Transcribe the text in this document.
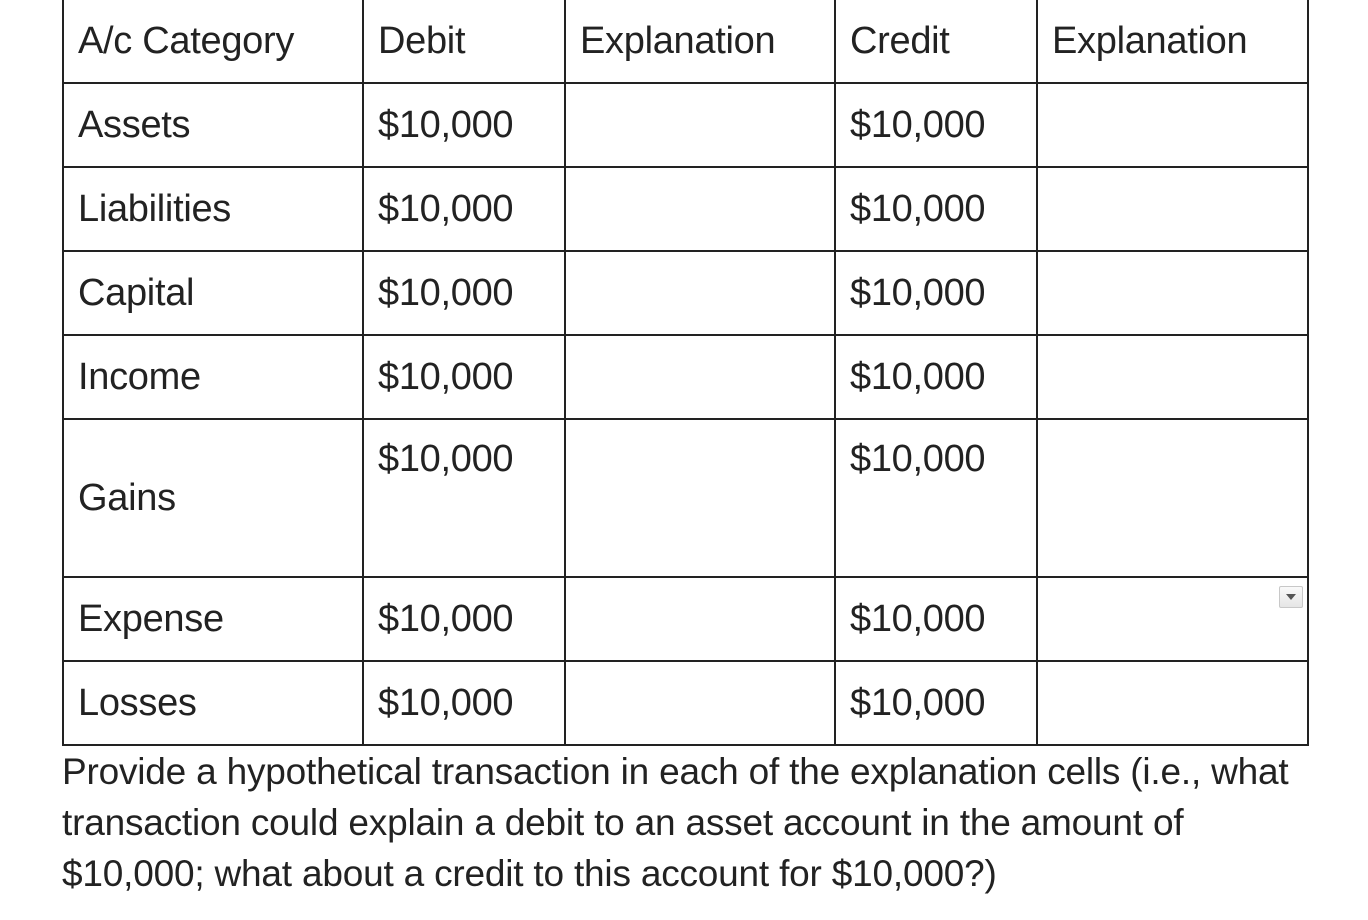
A/c Category	Debit	Explanation	Credit	Explanation
Assets	$10,000		$10,000	
Liabilities	$10,000		$10,000	
Capital	$10,000		$10,000	
Income	$10,000		$10,000	
Gains	$10,000		$10,000	
Expense	$10,000		$10,000	

Losses	$10,000		$10,000	

Provide a hypothetical transaction in each of the explanation cells (i.e., what transaction could explain a debit to an asset account in the amount of $10,000; what about a credit to this account for $10,000?)
